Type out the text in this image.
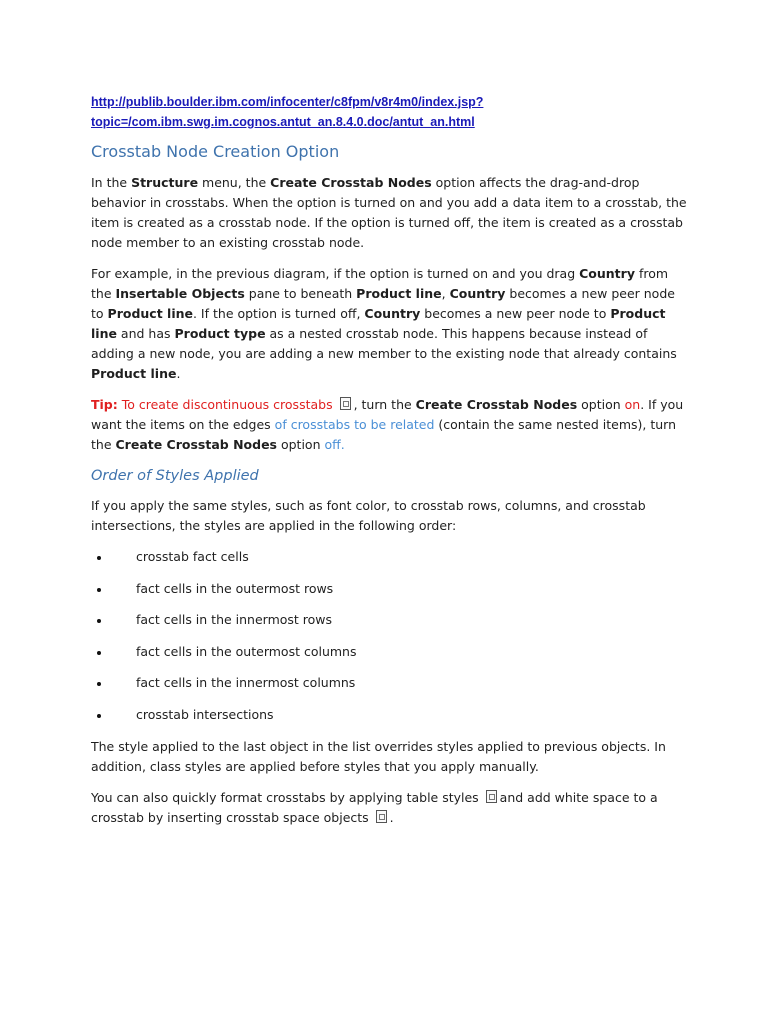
http://publib.boulder.ibm.com/infocenter/c8fpm/v8r4m0/index.jsp?
topic=/com.ibm.swg.im.cognos.antut_an.8.4.0.doc/antut_an.html
Crosstab Node Creation Option

In the Structure menu, the Create Crosstab Nodes option affects the drag-and-drop behavior in crosstabs. When the option is turned on and you add a data item to a crosstab, the item is created as a crosstab node. If the option is turned off, the item is created as a crosstab node member to an existing crosstab node.

For example, in the previous diagram, if the option is turned on and you drag Country from the Insertable Objects pane to beneath Product line, Country becomes a new peer node to Product line. If the option is turned off, Country becomes a new peer node to Product line and has Product type as a nested crosstab node. This happens because instead of adding a new node, you are adding a new member to the existing node that already contains Product line.

Tip: To create discontinuous crosstabs , turn the Create Crosstab Nodes option on. If you want the items on the edges of crosstabs to be related (contain the same nested items), turn the Create Crosstab Nodes option off.

Order of Styles Applied

If you apply the same styles, such as font color, to crosstab rows, columns, and crosstab intersections, the styles are applied in the following order:

crosstab fact cells
fact cells in the outermost rows
fact cells in the innermost rows
fact cells in the outermost columns
fact cells in the innermost columns
crosstab intersections

The style applied to the last object in the list overrides styles applied to previous objects. In addition, class styles are applied before styles that you apply manually.

You can also quickly format crosstabs by applying table styles and add white space to a crosstab by inserting crosstab space objects .
